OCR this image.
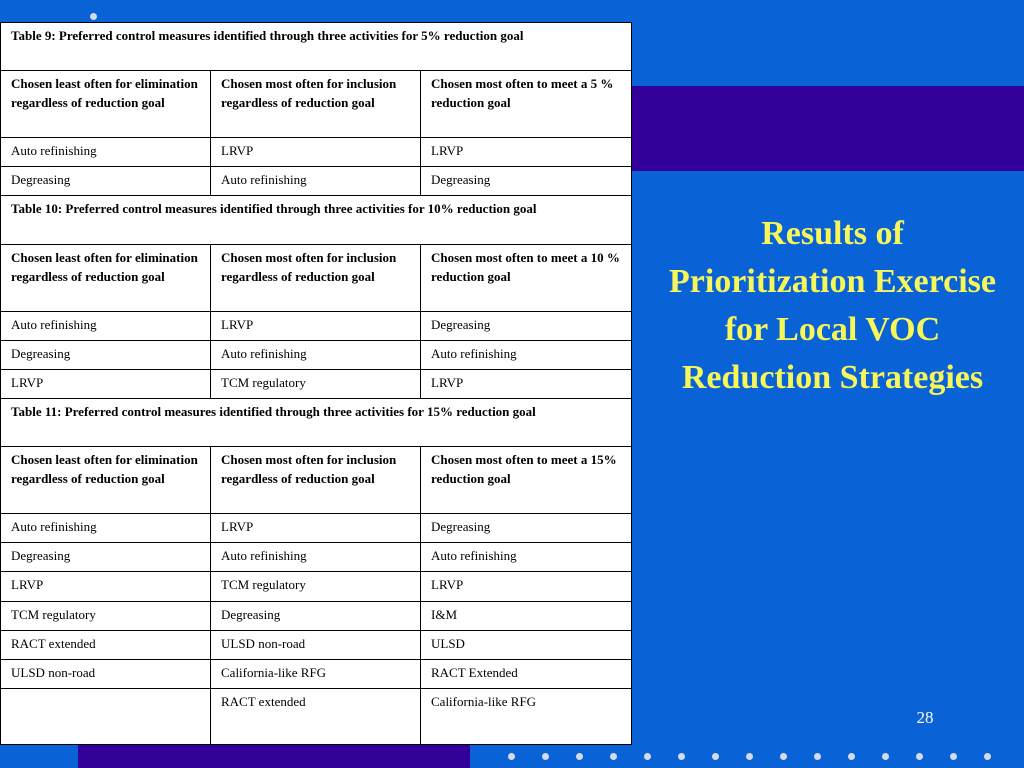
Table 9: Preferred control measures identified through three activities for 5% reduction goal		
Chosen least often for elimination regardless of reduction goal	Chosen most often for inclusion regardless of reduction goal	Chosen most often to meet a 5 % reduction goal
Auto refinishing	LRVP	LRVP
Degreasing	Auto refinishing	Degreasing
Table 10: Preferred control measures identified through three activities for 10% reduction goal		
Chosen least often for elimination regardless of reduction goal	Chosen most often for inclusion regardless of reduction goal	Chosen most often to meet a 10 % reduction goal
Auto refinishing	LRVP	Degreasing
Degreasing	Auto refinishing	Auto refinishing
LRVP	TCM regulatory	LRVP
Table 11: Preferred control measures identified through three activities for 15% reduction goal		
Chosen least often for elimination regardless of reduction goal	Chosen most often for inclusion regardless of reduction goal	Chosen most often to meet a 15% reduction goal
Auto refinishing	LRVP	Degreasing
Degreasing	Auto refinishing	Auto refinishing
LRVP	TCM regulatory	LRVP
TCM regulatory	Degreasing	I&M
RACT extended	ULSD non-road	ULSD
ULSD non-road	California-like RFG	RACT Extended
	RACT extended	California-like RFG
Results of Prioritization Exercise for Local VOC Reduction Strategies
28
